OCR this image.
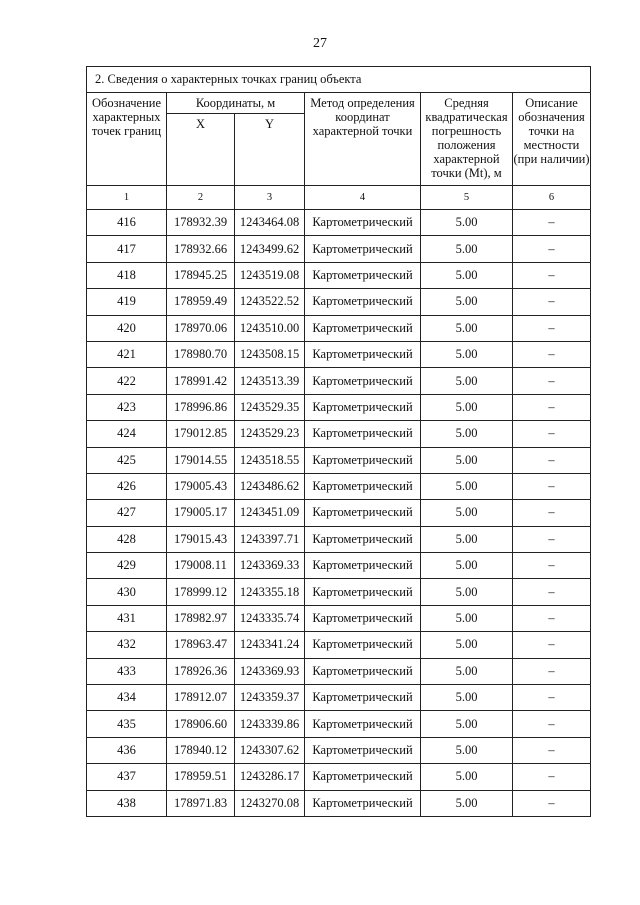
27
2. Сведения о характерных точках границ объекта					
Обозначение характерных точек границ	Координаты, м		Метод определения координат характерной точки	Средняя квадратическая погрешность положения характерной точки (Mt), м	Описание обозначения точки на местности (при наличии)
	X	Y			
1	2	3	4	5	6
416	178932.39	1243464.08	Картометрический	5.00	–
417	178932.66	1243499.62	Картометрический	5.00	–
418	178945.25	1243519.08	Картометрический	5.00	–
419	178959.49	1243522.52	Картометрический	5.00	–
420	178970.06	1243510.00	Картометрический	5.00	–
421	178980.70	1243508.15	Картометрический	5.00	–
422	178991.42	1243513.39	Картометрический	5.00	–
423	178996.86	1243529.35	Картометрический	5.00	–
424	179012.85	1243529.23	Картометрический	5.00	–
425	179014.55	1243518.55	Картометрический	5.00	–
426	179005.43	1243486.62	Картометрический	5.00	–
427	179005.17	1243451.09	Картометрический	5.00	–
428	179015.43	1243397.71	Картометрический	5.00	–
429	179008.11	1243369.33	Картометрический	5.00	–
430	178999.12	1243355.18	Картометрический	5.00	–
431	178982.97	1243335.74	Картометрический	5.00	–
432	178963.47	1243341.24	Картометрический	5.00	–
433	178926.36	1243369.93	Картометрический	5.00	–
434	178912.07	1243359.37	Картометрический	5.00	–
435	178906.60	1243339.86	Картометрический	5.00	–
436	178940.12	1243307.62	Картометрический	5.00	–
437	178959.51	1243286.17	Картометрический	5.00	–
438	178971.83	1243270.08	Картометрический	5.00	–
